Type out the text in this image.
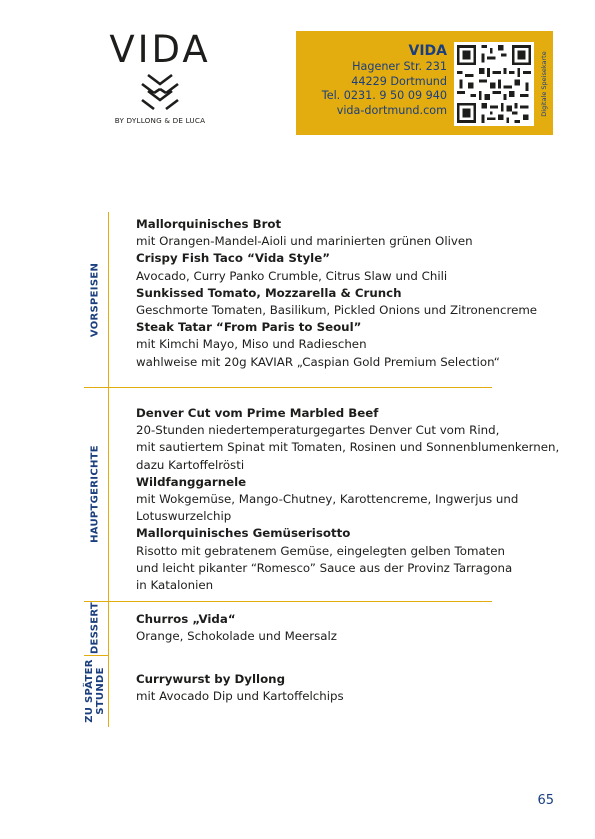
VIDA
BY DYLLONG & DE LUCA
VIDA
Hagener Str. 231
44229 Dortmund
Tel. 0231. 9 50 09 940
vida-dortmund.com	Digitale Speisekarte
VORSPEISEN
HAUPTGERICHTE
DESSERT
ZU SPÄTER STUNDE
Mallorquinisches Brot
mit Orangen-Mandel-Aioli und marinierten grünen Oliven
Crispy Fish Taco “Vida Style”
Avocado, Curry Panko Crumble, Citrus Slaw und Chili
Sunkissed Tomato, Mozzarella & Crunch
Geschmorte Tomaten, Basilikum, Pickled Onions und Zitronencreme
Steak Tatar “From Paris to Seoul”
mit Kimchi Mayo, Miso und Radieschen
wahlweise mit 20g KAVIAR „Caspian Gold Premium Selection“
Denver Cut vom Prime Marbled Beef
20-Stunden niedertemperaturgegartes Denver Cut vom Rind,
mit sautiertem Spinat mit Tomaten, Rosinen und Sonnenblumenkernen,
dazu Kartoffelrösti
Wildfanggarnele
mit Wokgemüse, Mango-Chutney, Karottencreme, Ingwerjus und
Lotuswurzelchip
Mallorquinisches Gemüserisotto
Risotto mit gebratenem Gemüse, eingelegten gelben Tomaten
und leicht pikanter “Romesco” Sauce aus der Provinz Tarragona
in Katalonien
Churros „Vida“
Orange, Schokolade und Meersalz
Currywurst by Dyllong
mit Avocado Dip und Kartoffelchips
65
